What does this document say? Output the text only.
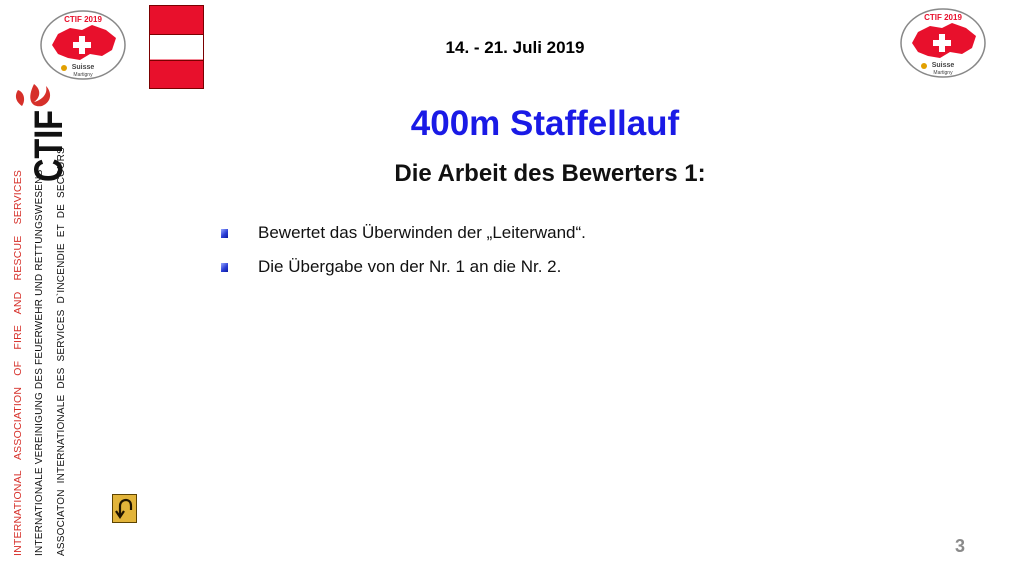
CTIF 2019
Suisse
Martigny
14. - 21. Juli 2019
CTIF 2019
Suisse
Martigny
CTIF
INTERNATIONAL ASSOCIATION OF FIRE AND RESCUE SERVICES INTERNATIONALE VEREINIGUNG DES FEUERWEHR UND RETTUNGSWESENS ASSOCIATON INTERNATIONALE DES SERVICES D`INCENDIE ET DE SECOURS
400m Staffellauf
Die Arbeit des Bewerters 1:
Bewertet das Überwinden der „Leiterwand“.
Die Übergabe von der Nr. 1 an die Nr. 2.
3
